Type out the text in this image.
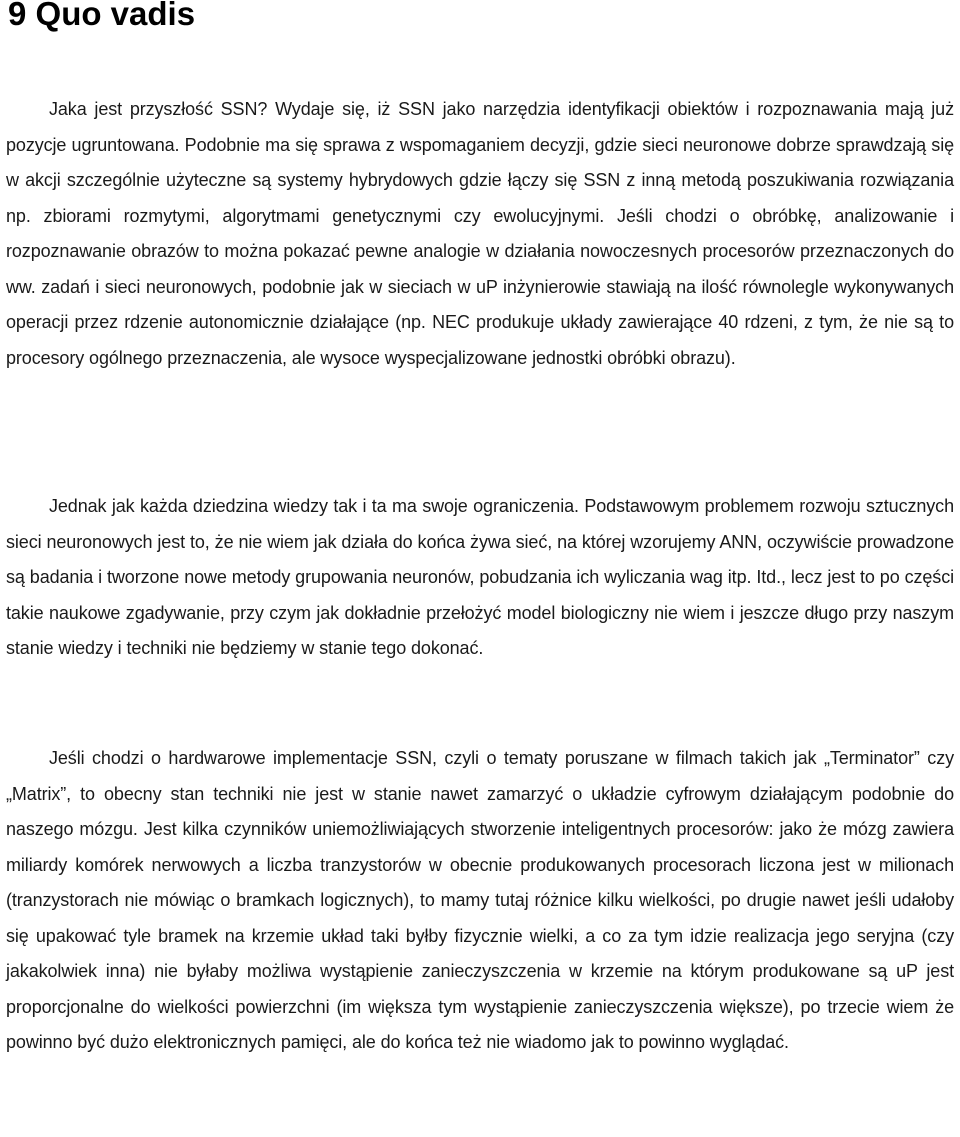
9 Quo vadis

Jaka jest przyszłość SSN? Wydaje się, iż SSN jako narzędzia identyfikacji obiektów i rozpoznawania mają już pozycje ugruntowana. Podobnie ma się sprawa z wspomaganiem decyzji, gdzie sieci neuronowe dobrze sprawdzają się w akcji szczególnie użyteczne są systemy hybrydowych gdzie łączy się SSN z inną metodą poszukiwania rozwiązania np. zbiorami rozmytymi, algorytmami genetycznymi czy ewolucyjnymi. Jeśli chodzi o obróbkę, analizowanie i rozpoznawanie obrazów to można pokazać pewne analogie w działania nowoczesnych procesorów przeznaczonych do ww. zadań i sieci neuronowych, podobnie jak w sieciach w uP inżynierowie stawiają na ilość równolegle wykonywanych operacji przez rdzenie autonomicznie działające (np. NEC produkuje układy zawierające 40 rdzeni, z tym, że nie są to procesory ogólnego przeznaczenia, ale wysoce wyspecjalizowane jednostki obróbki obrazu).

Jednak jak każda dziedzina wiedzy tak i ta ma swoje ograniczenia. Podstawowym problemem rozwoju sztucznych sieci neuronowych jest to, że nie wiem jak działa do końca żywa sieć, na której wzorujemy ANN, oczywiście prowadzone są badania i tworzone nowe metody grupowania neuronów, pobudzania ich wyliczania wag itp. Itd., lecz jest to po części takie naukowe zgadywanie, przy czym jak dokładnie przełożyć model biologiczny nie wiem i jeszcze długo przy naszym stanie wiedzy i techniki nie będziemy w stanie tego dokonać.

Jeśli chodzi o hardwarowe implementacje SSN, czyli o tematy poruszane w filmach takich jak „Terminator” czy „Matrix”, to obecny stan techniki nie jest w stanie nawet zamarzyć o układzie cyfrowym działającym podobnie do naszego mózgu. Jest kilka czynników uniemożliwiających stworzenie inteligentnych procesorów: jako że mózg zawiera miliardy komórek nerwowych a liczba tranzystorów w obecnie produkowanych procesorach liczona jest w milionach (tranzystorach nie mówiąc o bramkach logicznych), to mamy tutaj różnice kilku wielkości, po drugie nawet jeśli udałoby się upakować tyle bramek na krzemie układ taki byłby fizycznie wielki, a co za tym idzie realizacja jego seryjna (czy jakakolwiek inna) nie byłaby możliwa wystąpienie zanieczyszczenia w krzemie na którym produkowane są uP jest proporcjonalne do wielkości powierzchni (im większa tym wystąpienie zanieczyszczenia większe), po trzecie wiem że powinno być dużo elektronicznych pamięci, ale do końca też nie wiadomo jak to powinno wyglądać.
